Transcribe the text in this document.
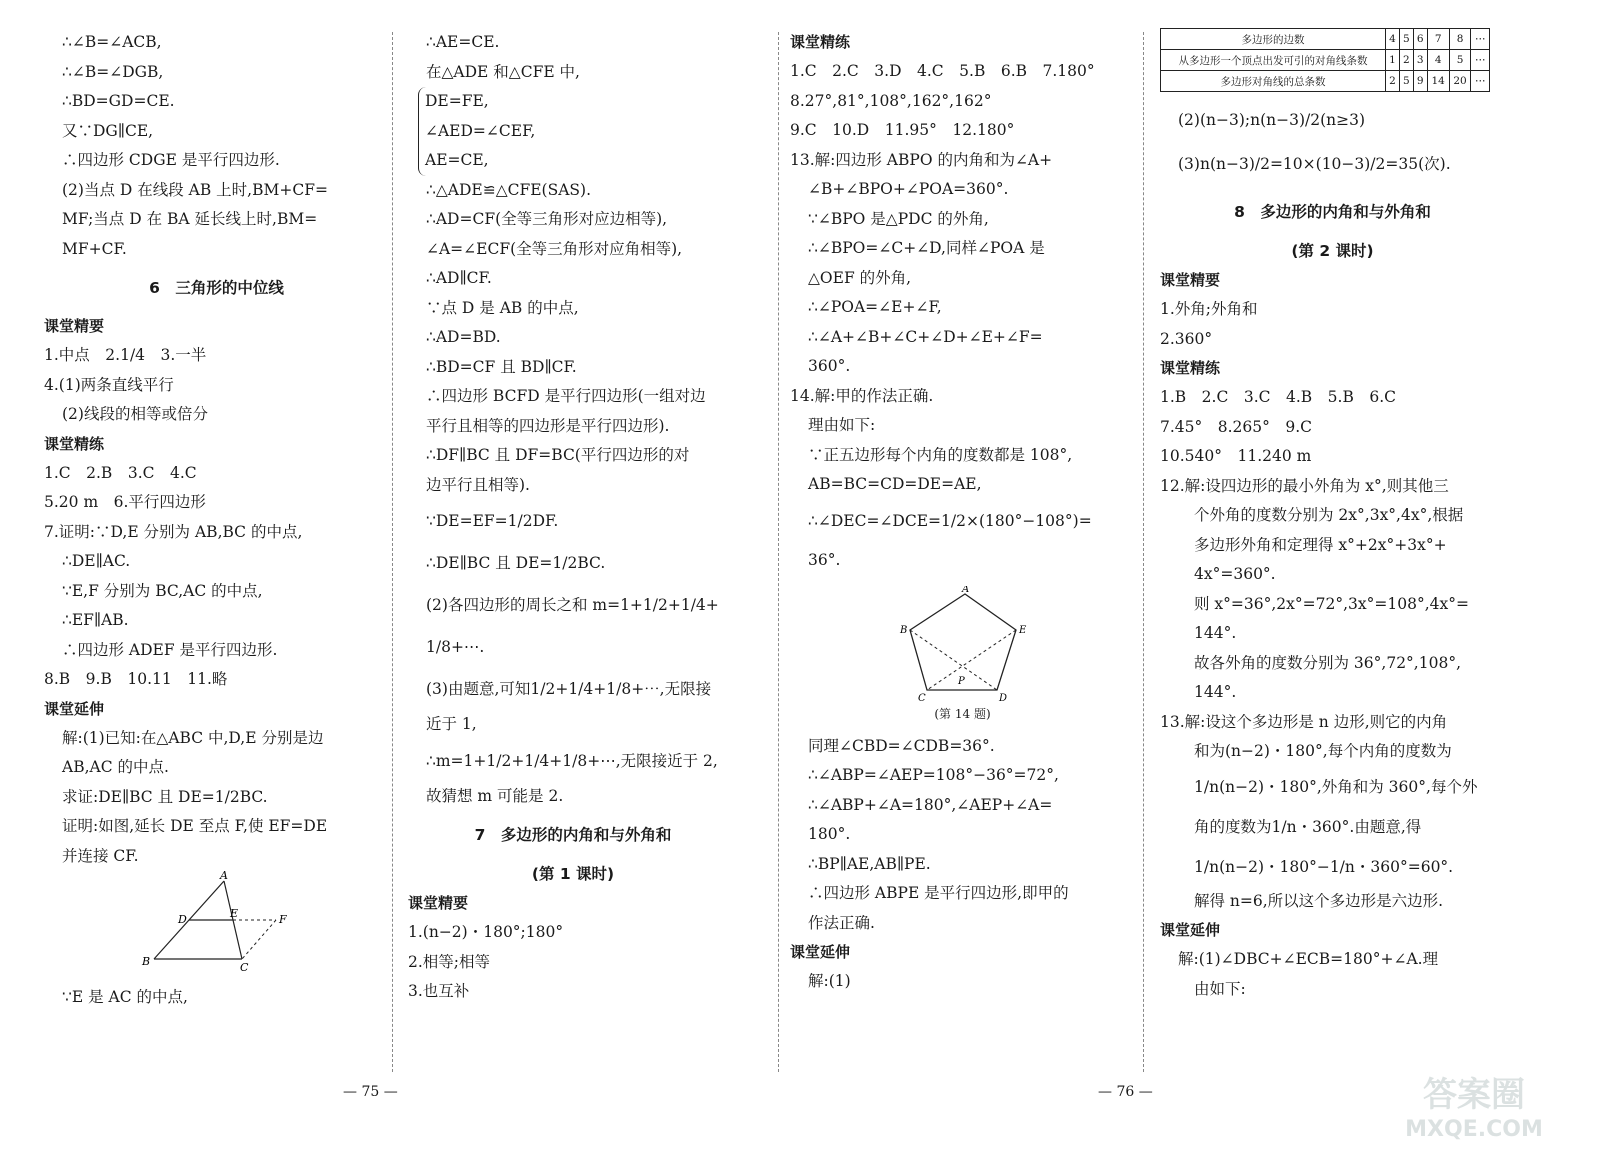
∴∠B=∠ACB,
∴∠B=∠DGB,
∴BD=GD=CE.
又∵DG∥CE,
∴四边形 CDGE 是平行四边形.
(2)当点 D 在线段 AB 上时,BM+CF=
MF;当点 D 在 BA 延长线上时,BM=
MF+CF.
6　三角形的中位线
课堂精要
1.中点　2.1/4　3.一半
4.(1)两条直线平行
(2)线段的相等或倍分
课堂精练
1.C　2.B　3.C　4.C
5.20 m　6.平行四边形
7.证明:∵D,E 分别为 AB,BC 的中点,
∴DE∥AC.
∵E,F 分别为 BC,AC 的中点,
∴EF∥AB.
∴四边形 ADEF 是平行四边形.
8.B　9.B　10.11　11.略
课堂延伸
解:(1)已知:在△ABC 中,D,E 分别是边
AB,AC 的中点.
求证:DE∥BC 且 DE=1/2BC.
证明:如图,延长 DE 至点 F,使 EF=DE
并连接 CF.
A
D	E	F
B	C
∵E 是 AC 的中点,
∴AE=CE.
在△ADE 和△CFE 中,
DE=FE,
∠AED=∠CEF,
AE=CE,
∴△ADE≌△CFE(SAS).
∴AD=CF(全等三角形对应边相等),
∠A=∠ECF(全等三角形对应角相等),
∴AD∥CF.
∵点 D 是 AB 的中点,
∴AD=BD.
∴BD=CF 且 BD∥CF.
∴四边形 BCFD 是平行四边形(一组对边
平行且相等的四边形是平行四边形).
∴DF∥BC 且 DF=BC(平行四边形的对
边平行且相等).
∵DE=EF=1/2DF.
∴DE∥BC 且 DE=1/2BC.
(2)各四边形的周长之和 m=1+1/2+1/4+
1/8+⋯.
(3)由题意,可知1/2+1/4+1/8+⋯,无限接
近于 1,
∴m=1+1/2+1/4+1/8+⋯,无限接近于 2,
故猜想 m 可能是 2.
7　多边形的内角和与外角和
(第 1 课时)
课堂精要
1.(n−2)・180°;180°
2.相等;相等
3.也互补
— 75 —
课堂精练
1.C　2.C　3.D　4.C　5.B　6.B　7.180°
8.27°,81°,108°,162°,162°
9.C　10.D　11.95°　12.180°
13.解:四边形 ABPO 的内角和为∠A+
∠B+∠BPO+∠POA=360°.
∵∠BPO 是△PDC 的外角,
∴∠BPO=∠C+∠D,同样∠POA 是
△OEF 的外角,
∴∠POA=∠E+∠F,
∴∠A+∠B+∠C+∠D+∠E+∠F=
360°.
14.解:甲的作法正确.
理由如下:
∵正五边形每个内角的度数都是 108°,
AB=BC=CD=DE=AE,
∴∠DEC=∠DCE=1/2×(180°−108°)=
36°.
A
B	E
P
C	D
(第 14 题)
同理∠CBD=∠CDB=36°.
∴∠ABP=∠AEP=108°−36°=72°,
∴∠ABP+∠A=180°,∠AEP+∠A=
180°.
∴BP∥AE,AB∥PE.
∴四边形 ABPE 是平行四边形,即甲的
作法正确.
课堂延伸
解:(1)
— 76 —
多边形的边数	4	5	6	7	8	⋯
从多边形一个顶点出发可引的对角线条数	1	2	3	4	5	⋯
多边形对角线的总条数	2	5	9	14	20	⋯
(2)(n−3);n(n−3)/2(n≥3)
(3)n(n−3)/2=10×(10−3)/2=35(次).
8　多边形的内角和与外角和
(第 2 课时)
课堂精要
1.外角;外角和
2.360°
课堂精练
1.B　2.C　3.C　4.B　5.B　6.C
7.45°　8.265°　9.C
10.540°　11.240 m
12.解:设四边形的最小外角为 x°,则其他三
个外角的度数分别为 2x°,3x°,4x°,根据
多边形外角和定理得 x°+2x°+3x°+
4x°=360°.
则 x°=36°,2x°=72°,3x°=108°,4x°=
144°.
故各外角的度数分别为 36°,72°,108°,
144°.
13.解:设这个多边形是 n 边形,则它的内角
和为(n−2)・180°,每个内角的度数为
1/n(n−2)・180°,外角和为 360°,每个外
角的度数为1/n・360°.由题意,得
1/n(n−2)・180°−1/n・360°=60°.
解得 n=6,所以这个多边形是六边形.
课堂延伸
解:(1)∠DBC+∠ECB=180°+∠A.理
由如下:
答案圈
MXQE.COM
